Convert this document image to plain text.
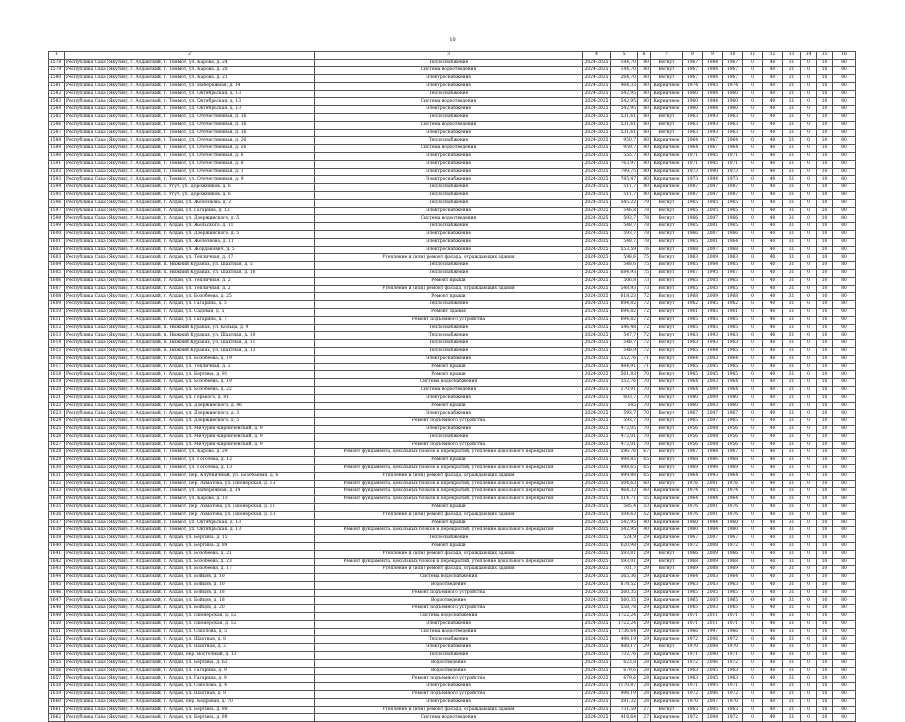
10
1	2	3	4	5	6	7	8	9	10	11	12	13	14	15	16
1578	Республика Саха (Якутия), г. Алданский, г. Томмот, ул. Карова, д. 24	Теплоснабжение	2024-2025	184,70	80	Вогнут	1967	1984	1967	0	40	31	0	10	80
1579	Республика Саха (Якутия), г. Алданский, г. Томмот, ул. Карова, д. 20	Система водоотведения	2024-2025	144,70	80	Вогнут	1967	1984	1967	0	40	31	0	10	80
1580	Республика Саха (Якутия), г. Алданский, г. Томмот, ул. Карова, д. 21	Электроснабжение	2024-2025	264,70	80	Вогнут	1967	1984	1967	0	40	31	0	10	80
1581	Республика Саха (Якутия), г. Алданский, г. Томмот, ул. Набережная, д. 14	Электроснабжение	2024-2025	464,33	80	Кирпичное	1974	1985	1974	0	40	31	0	10	80
1582	Республика Саха (Якутия), г. Алданский, г. Томмот, ул. Октябрьская, д. 13	Теплоснабжение	2024-2025	542,95	80	Кирпичное	1960	1984	1960	0	40	31	0	10	80
1583	Республика Саха (Якутия), г. Алданский, г. Томмот, ул. Октябрьская, д. 13	Система водоотведения	2024-2025	542,95	80	Кирпичное	1960	1984	1960	0	40	31	0	10	80
1584	Республика Саха (Якутия), г. Алданский, г. Томмот, ул. Октябрьская, д. 13	Электроснабжение	2024-2025	542,95	80	Кирпичное	1960	1984	1960	0	40	31	0	10	80
1585	Республика Саха (Якутия), г. Алданский, г. Томмот, ул. Отечественная, д. 16	Теплоснабжение	2024-2025	531,61	80	Вогнут	1963	1993	1963	0	40	31	0	10	80
1586	Республика Саха (Якутия), г. Алданский, г. Томмот, ул. Отечественная, д. 16	Система водоотведения	2024-2025	531,61	80	Вогнут	1963	1993	1963	0	40	31	0	10	80
1587	Республика Саха (Якутия), г. Алданский, г. Томмот, ул. Отечественная, д. 16	Электроснабжение	2024-2025	531,61	80	Вогнут	1963	1993	1963	0	40	31	0	10	80
1588	Республика Саха (Якутия), г. Алданский, г. Томмот, ул. Отечественная, д. 26	Теплоснабжение	2024-2025	950,7	80	Кирпичное	1964	1967	1964	0	40	31	0	10	80
1589	Республика Саха (Якутия), г. Алданский, г. Томмот, ул. Отечественная, д. 26	Система водоотведения	2024-2025	959,7	80	Кирпичное	1964	1967	1964	0	40	31	0	10	80
1590	Республика Саха (Якутия), г. Алданский, г. Томмот, ул. Отечественная, д. 6	Электроснабжение	2024-2025	555,7	80	Кирпичное	1971	1985	1971	0	40	31	0	10	80
1591	Республика Саха (Якутия), г. Алданский, г. Томмот, ул. Отечественная, д. 8	Электроснабжение	2024-2025	763,97	80	Кирпичное	1971	1985	1971	0	40	31	0	10	80
1592	Республика Саха (Якутия), г. Алданский, г. Томмот, ул. Отечественная, д. 1	Электроснабжение	2024-2025	799,75	80	Кирпичное	1973	1990	1973	0	40	31	0	10	80
1593	Республика Саха (Якутия), г. Алданский, г. Томмот, ул. Отечественная, д. 9	Электроснабжение	2024-2025	785,47	80	Кирпичное	1973	1984	1973	0	40	31	0	10	80
1594	Республика Саха (Якутия), г. Алданский, с. Угут, ул. Дорожников, д. 6	Теплоснабжение	2024-2025	511,7	80	Кирпичное	1987	2007	1987	0	40	31	0	10	80
1595	Республика Саха (Якутия), г. Алданский, с. Угут, ул. Дорожников, д. 6	Теплоснабжение	2024-2025	511,7	80	Кирпичное	1987	2007	1987	0	40	31	0	10	80
1596	Республика Саха (Якутия), г. Алданский, г. Алдан, ул. Железнова, д. 2	Теплоснабжение	2024-2025	545,22	79	Вогнут	1965	1985	1965	0	40	31	0	10	80
1597	Республика Саха (Якутия), г. Алданский, г. Алдан, ул. Гагарина, д. 12	Электроснабжение	2024-2025	546,8	78	Вогнут	1965	2005	1965	0	40	31	0	10	80
1598	Республика Саха (Якутия), г. Алданский, г. Алдан, ул. Дзержинского, д. 5	Система водоотведения	2024-2025	593,7	78	Вогнут	1966	2007	1966	0	40	31	0	10	80
1599	Республика Саха (Якутия), г. Алданский, г. Алдан, ул. Жельского, д. 11	Теплоснабжение	2024-2025	548,7	78	Вогнут	1965	2001	1965	0	40	31	0	10	80
1600	Республика Саха (Якутия), г. Алданский, г. Алдан, ул. Дзержинского, д. 5	Электроснабжение	2024-2025	593,7	78	Вогнут	1966	2007	1966	0	40	31	0	10	80
1601	Республика Саха (Якутия), г. Алданский, г. Алдан, ул. Железнова, д. 11	Электроснабжение	2024-2025	548,7	78	Вогнут	1965	2001	1964	0	40	31	0	10	80
1602	Республика Саха (Якутия), г. Алданский, г. Алдан, ул. Жорданович, д. 5	Электроснабжение	2024-2025	553,59	76	Вогнут	1968	2007	1968	0	40	31	0	10	80
1603	Республика Саха (Якутия), г. Алданский, г. Алдан, ул. Тепличная, д. 17	Утепление и (или) ремонт фасада, ограждающих здания	2024-2025	598,6	75	Вогнут	1963	2009	1963	0	40	31	0	10	80
1604	Республика Саха (Якутия), г. Алданский, п. Нижний Куранах, ул. Шахтная, д. 5	Теплоснабжение	2024-2025	548,6	75	Вогнут	1965	1984	1965	0	40	31	0	10	80
1605	Республика Саха (Якутия), г. Алданский, п. Нижний Куранах, ул. Шахтная, д. 16	Теплоснабжение	2024-2025	684,93	75	Вогнут	1967	1995	1967	0	40	31	0	10	80
1606	Республика Саха (Якутия), г. Алданский, г. Алдан, ул. Тепличная, д. 2	Ремонт крыши	2024-2025	506,8	73	Вогнут	1965	2005	1965	0	40	31	0	10	80
1607	Республика Саха (Якутия), г. Алданский, г. Алдан, ул. Тепличная, д. 2	Утепление и (или) ремонт фасада, ограждающих здания	2024-2025	548,93	73	Вогнут	1965	2005	1965	0	40	31	0	10	80
1608	Республика Саха (Якутия), г. Алданский, г. Алдан, ул. Бозобеева, д. 25	Ремонт крыши	2024-2025	618,23	72	Вогнут	1968	2009	1968	0	40	31	0	10	80
1609	Республика Саха (Якутия), г. Алданский, г. Алдан, ул. Гагарина, д. 5	Теплоснабжение	2024-2025	694,82	72	Вогнут	1962	1985	1962	0	40	31	0	10	80
1610	Республика Саха (Якутия), г. Алданский, г. Алдан, ул. Садовая, д. 5	Ремонт здания	2024-2025	694,82	72	Вогнут	1961	1985	1961	0	40	31	0	10	80
1611	Республика Саха (Якутия), г. Алданский, г. Алдан, ул. Гагарина, д. 7	Ремонт подъемного устройства	2024-2025	694,82	72	Вогнут	1965	1985	1965	0	40	31	0	10	80
1612	Республика Саха (Якутия), г. Алданский, п. Нижний Куранах, ул. Кольца, д. 9	Теплоснабжение	2024-2025	546,48	72	Вогнут	1965	1985	1965	0	40	31	0	10	80
1613	Республика Саха (Якутия), г. Алданский, п. Нижний Куранах, ул. Шахтная, д. 10	Теплоснабжение	2024-2025	547,7	72	Вогнут	1963	1993	1963	0	40	31	0	10	80
1614	Республика Саха (Якутия), г. Алданский, п. Нижний Куранах, ул. Шахтная, д. 11	Теплоснабжение	2024-2025	548,7	72	Вогнут	1963	1993	1963	0	40	31	0	10	80
1615	Республика Саха (Якутия), г. Алданский, п. Нижний Куранах, ул. Шахтная, д. 13	Теплоснабжение	2024-2025	548,9	72	Вогнут	1965	1984	1965	0	40	31	0	10	80
1616	Республика Саха (Якутия), г. Алданский, г. Алдан, ул. Бозобеева, д. 19	Электроснабжение	2024-2025	552,76	71	Вогнут	1964	2003	1964	0	40	31	0	10	80
1617	Республика Саха (Якутия), г. Алданский, г. Алдан, ул. Тепличная, д. 2	Ремонт крыши	2024-2025	484,91	71	Вогнут	1965	2005	1965	0	40	31	0	10	80
1618	Республика Саха (Якутия), г. Алданский, г. Алдан, ул. Бертина, д. 91	Ремонт крыши	2024-2025	561,83	70	Вогнут	1965	2005	1965	0	40	31	0	10	80
1619	Республика Саха (Якутия), г. Алданский, г. Алдан, ул. Бозобеева, д. 19	Система водоснабжения	2024-2025	552,76	70	Вогнут	1964	2003	1964	0	40	31	0	10	80
1620	Республика Саха (Якутия), г. Алданский, г. Алдан, ул. Бозобеева, д. 22	Система водоотведения	2024-2025	570,01	70	Вогнут	1964	2009	1964	0	40	31	0	10	80
1621	Республика Саха (Якутия), г. Алданский, г. Алдан, ул. Горького, д. 81	Электроснабжение	2024-2025	603,7	70	Вогнут	1980	2009	1980	0	40	31	0	10	80
1622	Республика Саха (Якутия), г. Алданский, г. Алдан, ул. Дзержинского, д. 46	Ремонт крыши	2024-2025	545	70	Вогнут	1960	2003	1960	0	40	31	0	10	80
1623	Республика Саха (Якутия), г. Алданский, г. Алдан, ул. Дзержинского, д. 3	Электроснабжение	2024-2025	593,7	70	Вогнут	1967	2007	1967	0	40	31	0	10	80
1624	Республика Саха (Якутия), г. Алданский, г. Алдан, ул. Дзержинского, д. 5	Ремонт подъемного устройства	2024-2025	593,7	70	Вогнут	1965	2007	1965	0	40	31	0	10	80
1625	Республика Саха (Якутия), г. Алданский, г. Алдан, ул. Мичурин-Кирпиченский, д. 9	Электроснабжение	2024-2025	472,05	70	Вогнут	1956	2008	1956	0	40	31	0	10	80
1626	Республика Саха (Якутия), г. Алданский, г. Алдан, ул. Мичурин-Кирпиченский, д. 9	Теплоснабжение	2024-2025	472,01	70	Вогнут	1956	2008	1956	0	40	31	0	10	80
1627	Республика Саха (Якутия), г. Алданский, г. Алдан, ул. Мичурин-Кирпиченский, д. 9	Ремонт подъемного устройства	2024-2025	472,01	70	Вогнут	1956	2008	1956	0	40	31	0	10	80
1628	Республика Саха (Якутия), г. Алданский, г. Томмот, ул. Карова, д. 29	Ремонт фундамента, цокольных блоков и перекрытий, утепление цокольного перекрытия	2024-2025	596,76	67	Вогнут	1967	1984	1967	0	40	31	0	10	80
1629	Республика Саха (Якутия), г. Алданский, г. Томмот, ул. Гоголева, д. 12	Ремонт крыши	2024-2025	498,85	65	Вогнут	1968	1986	1968	0	40	31	0	10	80
1630	Республика Саха (Якутия), г. Алданский, г. Томмот, ул. Гоголева, д. 13	Ремонт фундамента, цокольных блоков и перекрытий, утепление цокольного перекрытия	2024-2025	498,65	65	Вогнут	1969	1998	1969	0	40	31	0	10	80
1631	Республика Саха (Якутия), г. Алданский, г. Томмот, пер. Клубничный, ул. Бозобаевая, д. 6	Утепление и (или) ремонт фасада, ограждающих здания	2024-2025	499,88	65	Вогнут	1964	1993	1964	0	40	31	0	10	80
1632	Республика Саха (Якутия), г. Алданский, г. Томмот, пер. Ахматова, ул. Пионерская, д. 13	Ремонт фундамента, цокольных блоков и перекрытий, утепление цокольного перекрытия	2024-2025	504,63	60	Вогнут	1976	2001	1976	0	40	31	0	10	80
1633	Республика Саха (Якутия), г. Алданский, г. Томмот, ул. Набережная, д. 14	Ремонт фундамента, цокольных блоков и перекрытий, утепление цокольного перекрытия	2024-2025	464,33	60	Кирпичное	1974	1985	1974	0	40	31	0	10	80
1634	Республика Саха (Якутия), г. Алданский, г. Томмот, ул. Карова, д. 13	Ремонт фундамента, цокольных блоков и перекрытий, утепление цокольного перекрытия	2024-2025	514,71	55	Кирпичное	1964	1984	1964	0	40	31	0	10	80
1635	Республика Саха (Якутия), г. Алданский, г. Томмот, пер. Ахматова, ул. Пионерская, д. 11	Ремонт крыши	2024-2025	585,4	53	Кирпичное	1976	2001	1976	0	40	31	0	10	80
1636	Республика Саха (Якутия), г. Алданский, г. Томмот, пер. Ахматова, ул. Пионерская, д. 13	Утепление и (или) ремонт фасада, ограждающих здания	2024-2025	504,63	52	Кирпичное	1976	2001	1976	0	40	31	0	10	80
1637	Республика Саха (Якутия), г. Алданский, г. Томмот, ул. Октябрьская, д. 13	Ремонт крыши	2024-2025	542,95	40	Кирпичное	1960	1984	1960	0	40	31	0	10	80
1638	Республика Саха (Якутия), г. Алданский, г. Томмот, ул. Октябрьская, д. 13	Ремонт фундамента, цокольных блоков и перекрытий, утепление цокольного перекрытия	2024-2025	542,95	40	Кирпичное	1960	1984	1960	0	40	31	0	10	80
1639	Республика Саха (Якутия), г. Алданский, г. Алдан, ул. Бертина, д. 15	Теплоснабжение	2024-2025	524,9	29	Кирпичное	1967	2007	1967	0	40	31	0	10	80
1640	Республика Саха (Якутия), г. Алданский, г. Алдан, ул. Бертина, д. 89	Ремонт крыши	2024-2025	620,98	29	Кирпичное	1972	2008	1972	0	40	31	0	10	80
1641	Республика Саха (Якутия), г. Алданский, г. Алдан, ул. Бозобеева, д. 21	Утепление и (или) ремонт фасада, ограждающих здания	2024-2025	593,81	29	Вогнут	1966	2009	1966	0	40	31	0	10	80
1642	Республика Саха (Якутия), г. Алданский, г. Алдан, ул. Бозобеева, д. 23	Ремонт фундамента, цокольных блоков и перекрытий, утепление цокольного перекрытия	2024-2025	593,01	29	Вогнут	1968	2009	1968	0	40	31	0	10	80
1643	Республика Саха (Якутия), г. Алданский, г. Алдан, ул. Бозобеева, д. 17	Утепление и (или) ремонт фасада, ограждающих здания	2024-2025	701,7	29	Вогнут	1969	2008	1969	0	40	31	0	10	80
1644	Республика Саха (Якутия), г. Алданский, г. Алдан, ул. Бойцов, д. 10	Система водоснабжения	2024-2025	565,36	29	Кирпичное	1964	2003	1964	0	40	31	0	10	80
1645	Республика Саха (Якутия), г. Алданский, г. Алдан, ул. Бойцов, д. 10	Водоотведение	2024-2025	678,52	29	Кирпичное	1963	2003	1963	0	40	31	0	10	80
1646	Республика Саха (Якутия), г. Алданский, г. Алдан, ул. Бойцов, д. 18	Ремонт подъемного устройства	2024-2025	560,35	29	Кирпичное	1965	2005	1965	0	40	31	0	10	80
1647	Республика Саха (Якутия), г. Алданский, г. Алдан, ул. Бойцов, д. 18	Водоотведение	2024-2025	560,35	29	Кирпичное	1965	2005	1965	0	40	31	0	10	80
1648	Республика Саха (Якутия), г. Алданский, г. Алдан, ул. Бойцов, д. 20	Ремонт подъемного устройства	2024-2025	558,78	29	Кирпичное	1965	2003	1965	0	40	31	0	10	80
1649	Республика Саха (Якутия), г. Алданский, г. Алдан, ул. Пионерская, д. 12	Система водоснабжения	2024-2025	1722,24	29	Кирпичное	1971	2011	1971	0	40	31	0	10	80
1650	Республика Саха (Якутия), г. Алданский, г. Алдан, ул. Пионерская, д. 12	Электроснабжение	2024-2025	1722,24	29	Кирпичное	1971	2011	1971	0	40	31	0	10	80
1651	Республика Саха (Якутия), г. Алданский, г. Алдан, ул. Соколова, д. 5	Система водоотведения	2024-2025	1736,64	29	Кирпичное	1966	1997	1966	0	40	31	0	10	80
1652	Республика Саха (Якутия), г. Алданский, г. Алдан, ул. Шахтная, д. 8	Теплоснабжение	2024-2025	498,19	29	Кирпичное	1972	2006	1972	0	40	31	0	10	80
1653	Республика Саха (Якутия), г. Алданский, г. Алдан, ул. Шахтная, д. 2	Электроснабжение	2024-2025	488,17	29	Вогнут	1970	2008	1970	0	40	31	0	10	80
1654	Республика Саха (Якутия), г. Алданский, г. Алдан, пер. Восточный, д. 13	Теплоснабжение	2024-2025	732,76	28	Кирпичное	1971	2000	1971	0	40	31	0	10	80
1655	Республика Саха (Якутия), г. Алданский, г. Алдан, ул. Бертина, д. 62	Водоотведение	2024-2025	623,8	28	Кирпичное	1972	2006	1972	0	40	31	0	10	80
1656	Республика Саха (Якутия), г. Алданский, г. Алдан, ул. Гагарина, д. 9	Водоотведение	2024-2025	679,6	28	Кирпичное	1963	2005	1963	0	40	31	0	10	80
1657	Республика Саха (Якутия), г. Алданский, г. Алдан, ул. Гагарина, д. 9	Ремонт подъемного устройства	2024-2025	679,6	28	Кирпичное	1963	2005	1963	0	40	31	0	10	80
1658	Республика Саха (Якутия), г. Алданский, г. Алдан, ул. Соколова, д. 4	Электроснабжение	2024-2025	1170,87	28	Кирпичное	1971	1995	1971	0	40	31	0	10	80
1659	Республика Саха (Якутия), г. Алданский, г. Алдан, ул. Шахтная, д. 8	Ремонт подъемного устройства	2024-2025	498,19	28	Кирпичное	1972	2006	1972	0	40	31	0	10	80
1660	Республика Саха (Якутия), г. Алданский, г. Алдан, пер. Кедровая, д. 70	Электроснабжение	2024-2025	591,32	28	Кирпичное	1970	2007	1970	0	40	31	0	10	80
1661	Республика Саха (Якутия), г. Алданский, г. Алдан, ул. Бертина, д. 89	Утепление и (или) ремонт фасада, ограждающих здания	2024-2025	731,59	27	Вогнут	1963	2005	1963	0	40	31	0	10	80
1662	Республика Саха (Якутия), г. Алданский, г. Алдан, ул. Бертина, д. 89	Система водоотведения	2024-2025	418,64	27	Кирпичное	1972	2008	1972	0	40	31	0	10	80
